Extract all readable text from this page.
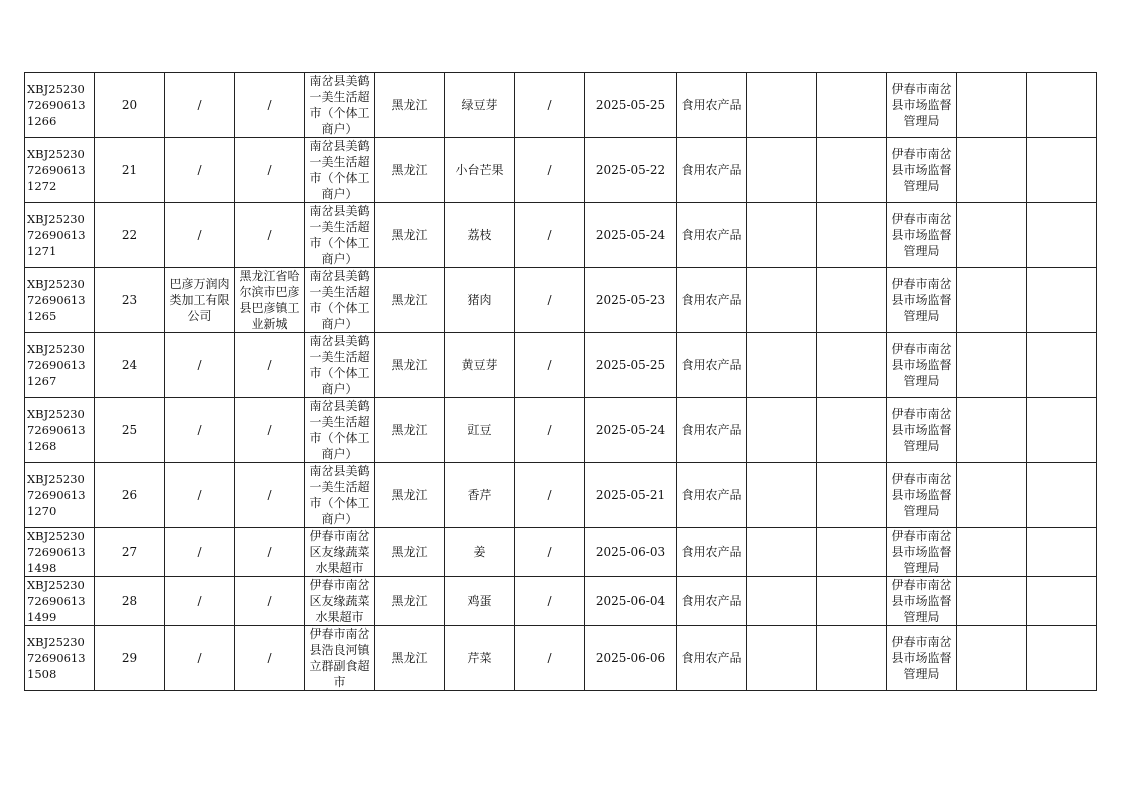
XBJ25230726906131266	20	/	/	南岔县美鹤一美生活超市（个体工商户）	黑龙江	绿豆芽	/	2025-05-25	食用农产品			伊春市南岔县市场监督管理局		
XBJ25230726906131272	21	/	/	南岔县美鹤一美生活超市（个体工商户）	黑龙江	小台芒果	/	2025-05-22	食用农产品			伊春市南岔县市场监督管理局		
XBJ25230726906131271	22	/	/	南岔县美鹤一美生活超市（个体工商户）	黑龙江	荔枝	/	2025-05-24	食用农产品			伊春市南岔县市场监督管理局		
XBJ25230726906131265	23	巴彦万润肉类加工有限公司	黑龙江省哈尔滨市巴彦县巴彦镇工业新城	南岔县美鹤一美生活超市（个体工商户）	黑龙江	猪肉	/	2025-05-23	食用农产品			伊春市南岔县市场监督管理局		
XBJ25230726906131267	24	/	/	南岔县美鹤一美生活超市（个体工商户）	黑龙江	黄豆芽	/	2025-05-25	食用农产品			伊春市南岔县市场监督管理局		
XBJ25230726906131268	25	/	/	南岔县美鹤一美生活超市（个体工商户）	黑龙江	豇豆	/	2025-05-24	食用农产品			伊春市南岔县市场监督管理局		
XBJ25230726906131270	26	/	/	南岔县美鹤一美生活超市（个体工商户）	黑龙江	香芹	/	2025-05-21	食用农产品			伊春市南岔县市场监督管理局		
XBJ25230726906131498	27	/	/	伊春市南岔区友缘蔬菜水果超市	黑龙江	姜	/	2025-06-03	食用农产品			伊春市南岔县市场监督管理局		
XBJ25230726906131499	28	/	/	伊春市南岔区友缘蔬菜水果超市	黑龙江	鸡蛋	/	2025-06-04	食用农产品			伊春市南岔县市场监督管理局		
XBJ25230726906131508	29	/	/	伊春市南岔县浩良河镇立群副食超市	黑龙江	芹菜	/	2025-06-06	食用农产品			伊春市南岔县市场监督管理局		
